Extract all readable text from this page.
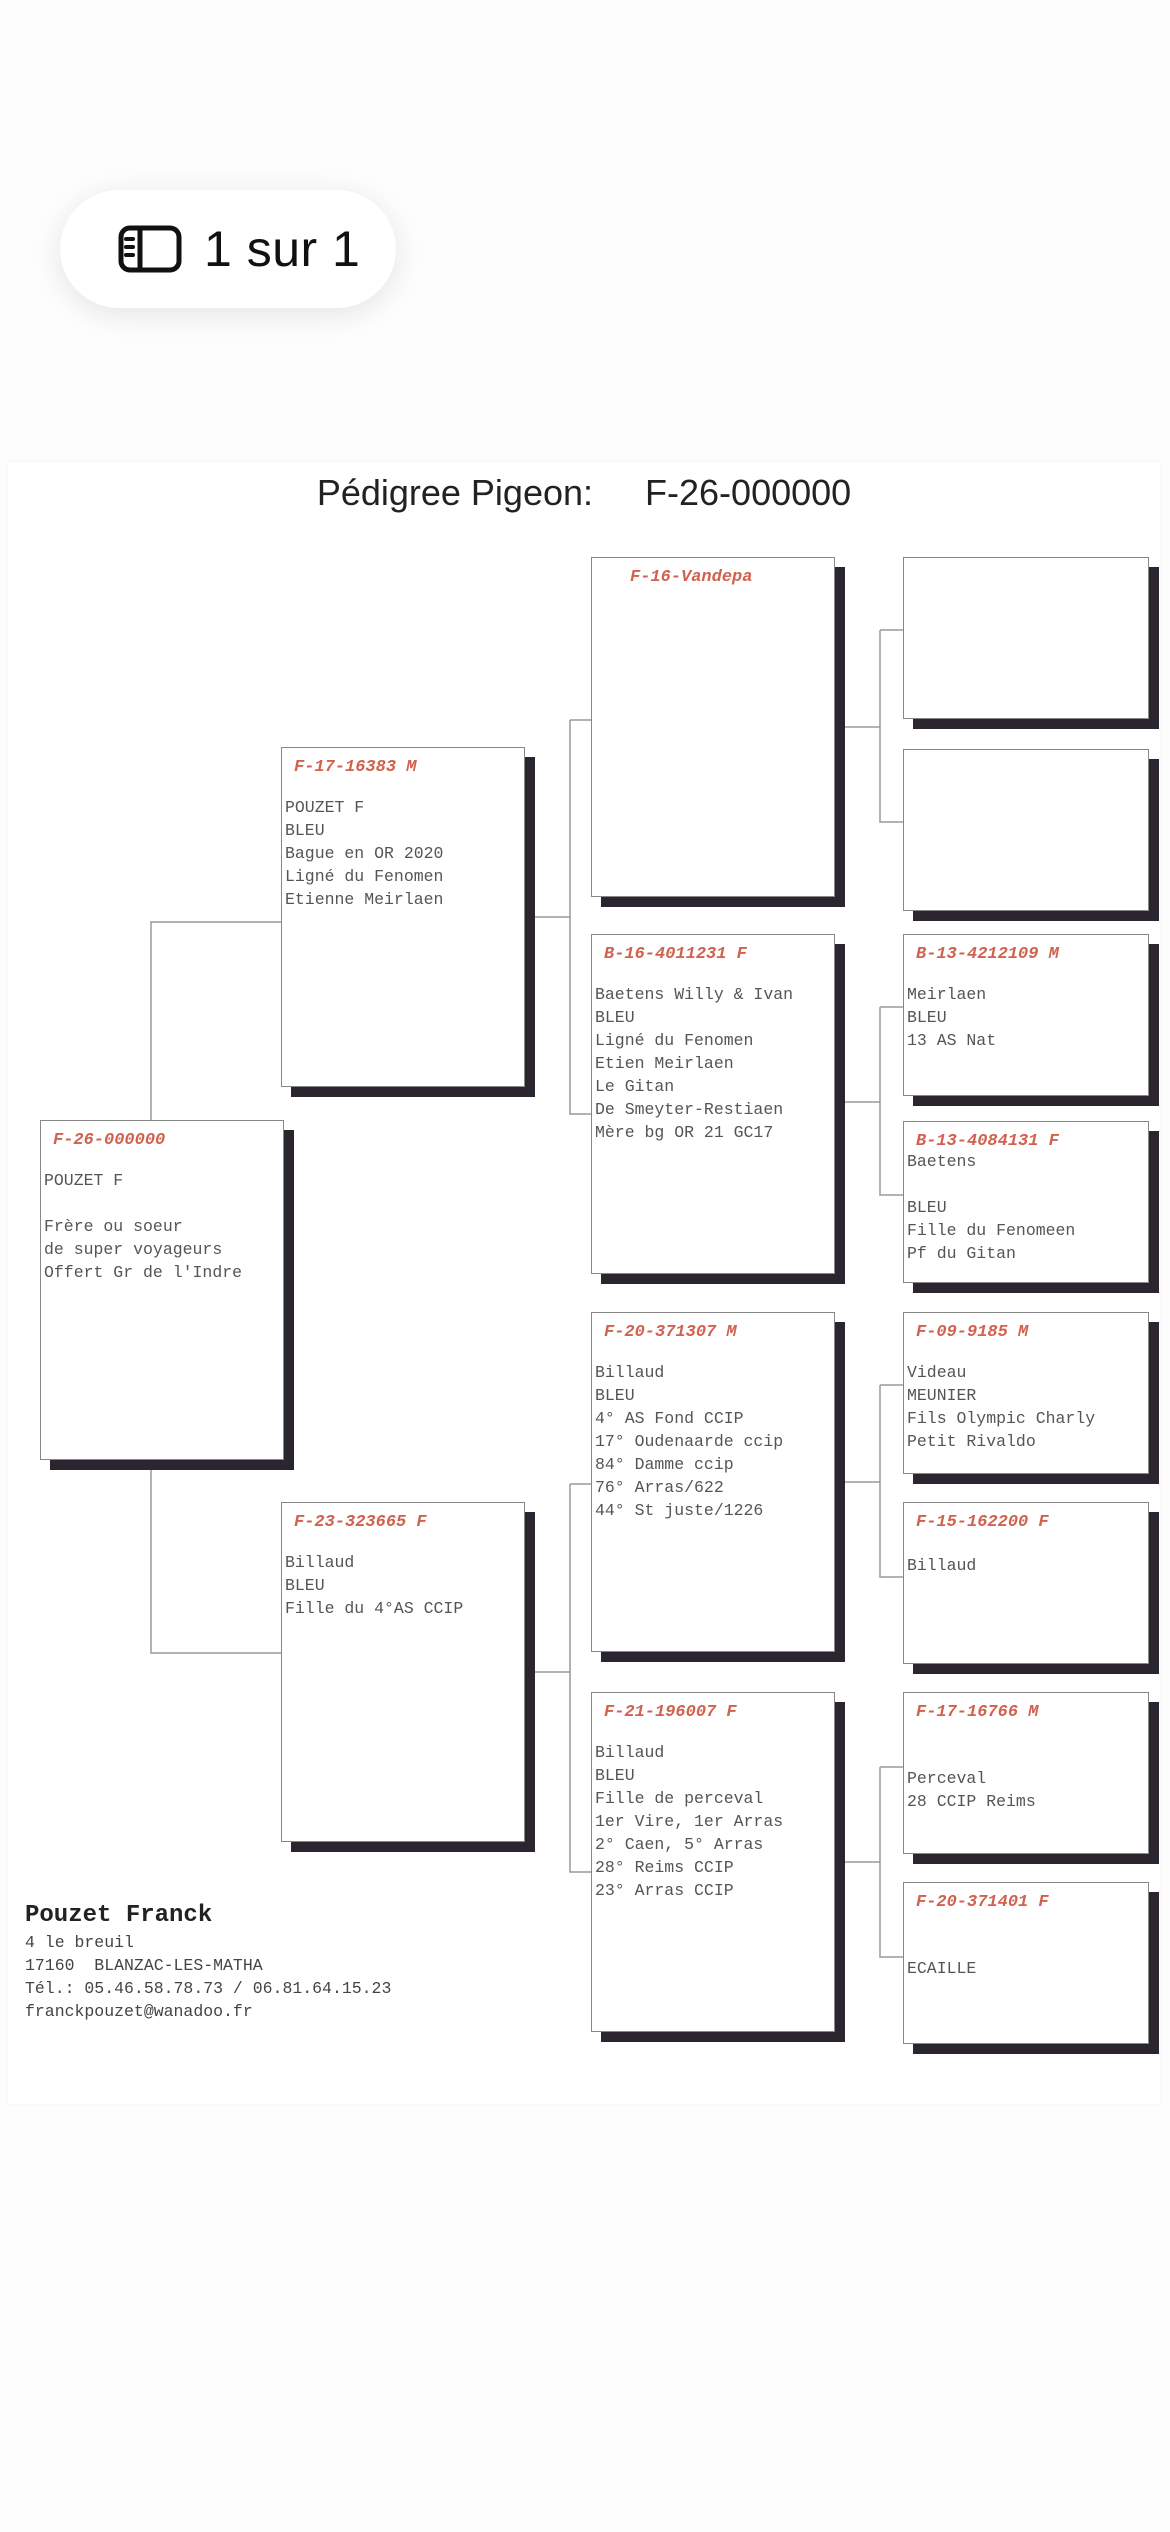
1 sur 1
Pédigree Pigeon: F-26-000000
F-26-000000
POUZET F

Frère ou soeur
de super voyageurs
Offert Gr de l'Indre
F-17-16383 M
POUZET F
BLEU
Bague en OR 2020
Ligné du Fenomen
Etienne Meirlaen
F-23-323665 F
Billaud
BLEU
Fille du 4°AS CCIP
F-16-Vandepa
B-16-4011231 F
Baetens Willy & Ivan
BLEU
Ligné du Fenomen
Etien Meirlaen
Le Gitan
De Smeyter-Restiaen
Mère bg OR 21 GC17
F-20-371307 M
Billaud
BLEU
4° AS Fond CCIP
17° Oudenaarde ccip
84° Damme ccip
76° Arras/622
44° St juste/1226
F-21-196007 F
Billaud
BLEU
Fille de perceval
1er Vire, 1er Arras
2° Caen, 5° Arras
28° Reims CCIP
23° Arras CCIP
B-13-4212109 M
Meirlaen
BLEU
13 AS Nat
B-13-4084131 F
Baetens

BLEU
Fille du Fenomeen
Pf du Gitan
F-09-9185 M
Videau
MEUNIER
Fils Olympic Charly
Petit Rivaldo
F-15-162200 F

Billaud
F-17-16766 M

Perceval
28 CCIP Reims
F-20-371401 F

ECAILLE
Pouzet Franck
4 le breuil
17160  BLANZAC-LES-MATHA
Tél.: 05.46.58.78.73 / 06.81.64.15.23
franckpouzet@wanadoo.fr
